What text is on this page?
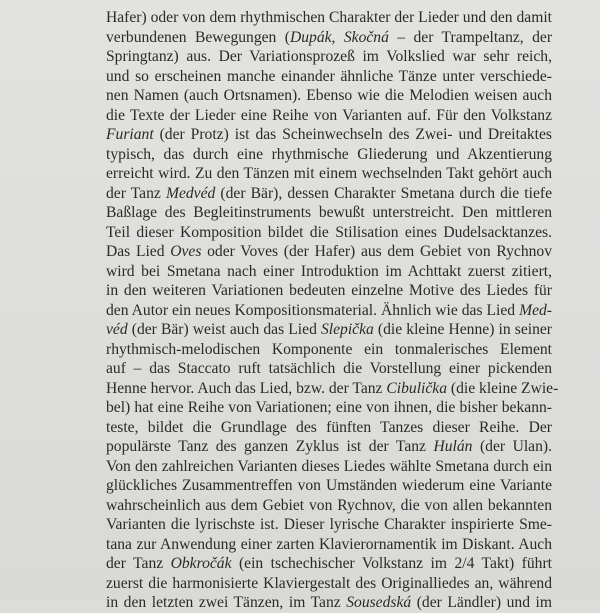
Hafer) oder von dem rhythmischen Charakter der Lieder und den damit
verbundenen Bewegungen (Dupák, Skočná – der Trampeltanz, der
Springtanz) aus. Der Variationsprozeß im Volkslied war sehr reich,
und so erscheinen manche einander ähnliche Tänze unter verschiede-
nen Namen (auch Ortsnamen). Ebenso wie die Melodien weisen auch
die Texte der Lieder eine Reihe von Varianten auf. Für den Volkstanz
Furiant (der Protz) ist das Scheinwechseln des Zwei- und Dreitaktes
typisch, das durch eine rhythmische Gliederung und Akzentierung
erreicht wird. Zu den Tänzen mit einem wechselnden Takt gehört auch
der Tanz Medvéd (der Bär), dessen Charakter Smetana durch die tiefe
Baßlage des Begleitinstruments bewußt unterstreicht. Den mittleren
Teil dieser Komposition bildet die Stilisation eines Dudelsacktanzes.
Das Lied Oves oder Voves (der Hafer) aus dem Gebiet von Rychnov
wird bei Smetana nach einer Introduktion im Achttakt zuerst zitiert,
in den weiteren Variationen bedeuten einzelne Motive des Liedes für
den Autor ein neues Kompositionsmaterial. Ähnlich wie das Lied Med-
véd (der Bär) weist auch das Lied Slepička (die kleine Henne) in seiner
rhythmisch-melodischen Komponente ein tonmalerisches Element
auf – das Staccato ruft tatsächlich die Vorstellung einer pickenden
Henne hervor. Auch das Lied, bzw. der Tanz Cibulička (die kleine Zwie-
bel) hat eine Reihe von Variationen; eine von ihnen, die bisher bekann-
teste, bildet die Grundlage des fünften Tanzes dieser Reihe. Der
populärste Tanz des ganzen Zyklus ist der Tanz Hulán (der Ulan).
Von den zahlreichen Varianten dieses Liedes wählte Smetana durch ein
glückliches Zusammentreffen von Umständen wiederum eine Variante
wahrscheinlich aus dem Gebiet von Rychnov, die von allen bekannten
Varianten die lyrischste ist. Dieser lyrische Charakter inspirierte Sme-
tana zur Anwendung einer zarten Klavierornamentik im Diskant. Auch
der Tanz Obkročák (ein tschechischer Volkstanz im 2/4 Takt) führt
zuerst die harmonisierte Klaviergestalt des Originalliedes an, während
in den letzten zwei Tänzen, im Tanz Sousedská (der Ländler) und im
